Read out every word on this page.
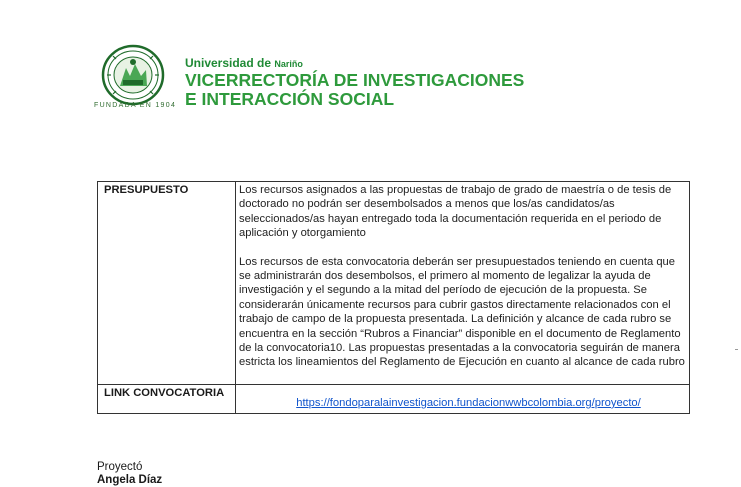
FUNDADA EN 1904
Universidad de Nariño
VICERRECTORÍA DE INVESTIGACIONES
E INTERACCIÓN SOCIAL
PRESUPUESTO	Los recursos asignados a las propuestas de trabajo de grado de maestría o de tesis de doctorado no podrán ser desembolsados a menos que los/as candidatos/as seleccionados/as hayan entregado toda la documentación requerida en el periodo de aplicación y otorgamiento

Los recursos de esta convocatoria deberán ser presupuestados teniendo en cuenta que se administrarán dos desembolsos, el primero al momento de legalizar la ayuda de investigación y el segundo a la mitad del período de ejecución de la propuesta. Se considerarán únicamente recursos para cubrir gastos directamente relacionados con el trabajo de campo de la propuesta presentada. La definición y alcance de cada rubro se encuentra en la sección “Rubros a Financiar” disponible en el documento de Reglamento de la convocatoria10. Las propuestas presentadas a la convocatoria seguirán de manera estricta los lineamientos del Reglamento de Ejecución en cuanto al alcance de cada rubro

LINK CONVOCATORIA	https://fondoparalainvestigacion.fundacionwwbcolombia.org/proyecto/
Proyectó
Angela Díaz
